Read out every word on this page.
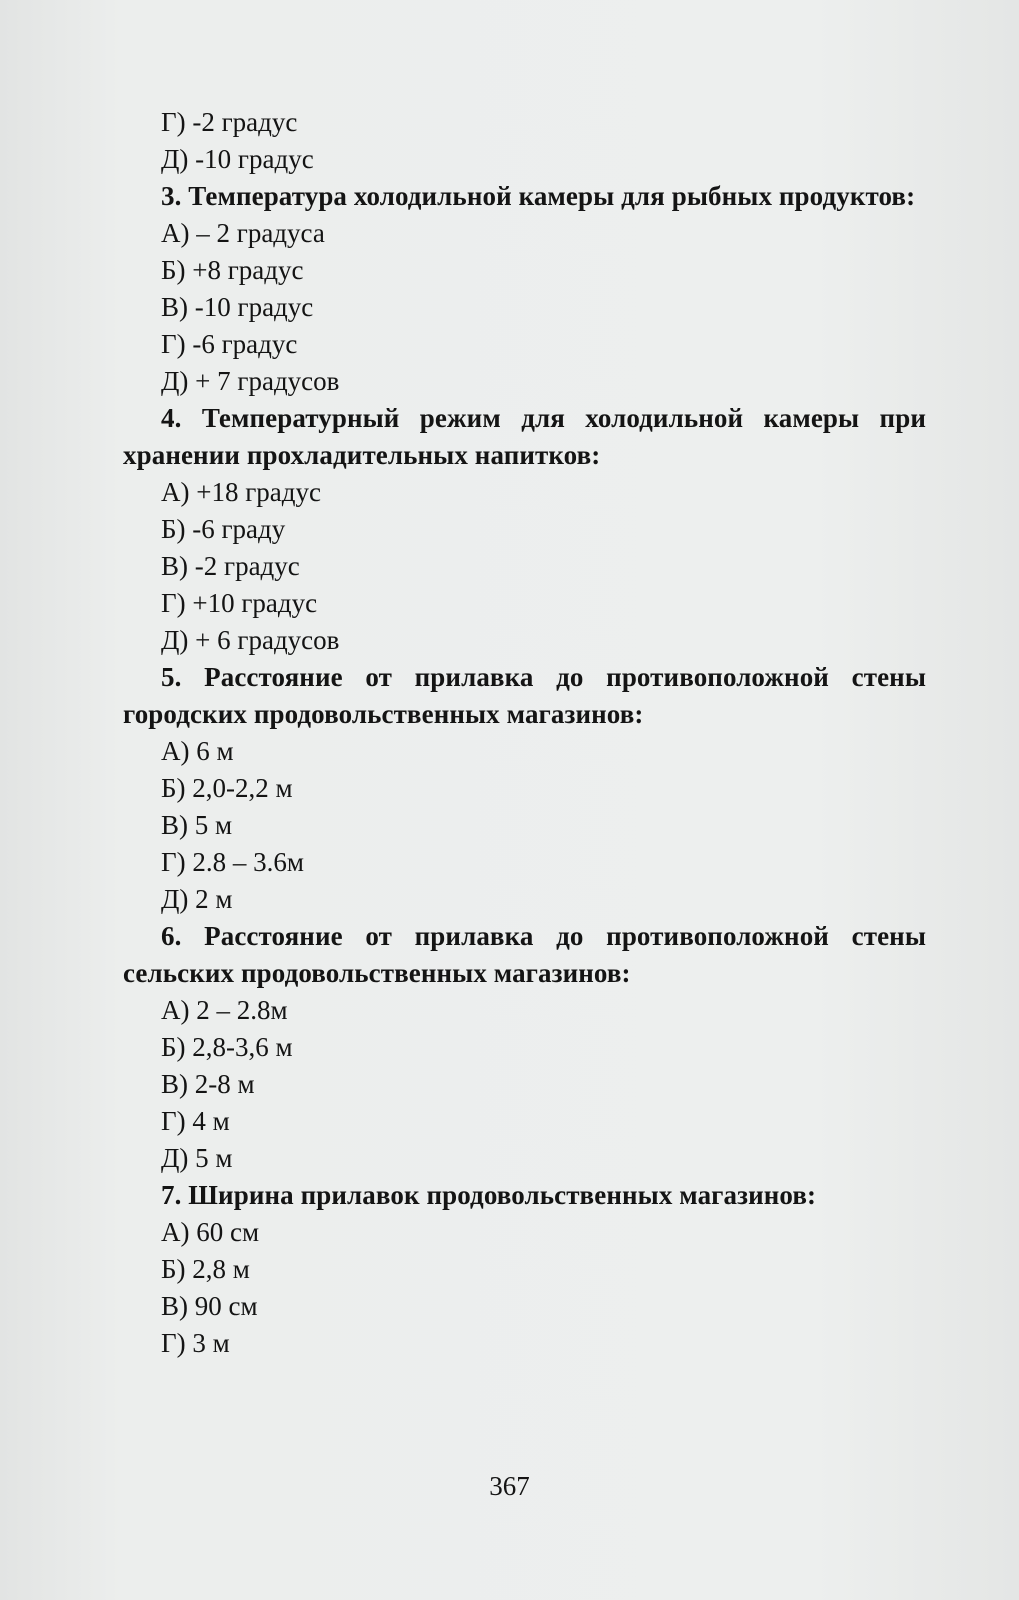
Г) -2 градус
Д) -10 градус
3. Температура холодильной камеры для рыбных продуктов:
А) – 2 градуса
Б) +8 градус
В) -10 градус
Г) -6 градус
Д) + 7 градусов
4. Температурный режим для холодильной камеры при хранении прохладительных напитков:
А) +18 градус
Б) -6 граду
В) -2 градус
Г) +10 градус
Д) + 6 градусов
5. Расстояние от прилавка до противоположной стены городских продовольственных магазинов:
А) 6 м
Б) 2,0-2,2 м
В) 5 м
Г) 2.8 – 3.6м
Д) 2 м
6. Расстояние от прилавка до противоположной стены сельских продовольственных магазинов:
А) 2 – 2.8м
Б) 2,8-3,6 м
В) 2-8 м
Г) 4 м
Д) 5 м
7. Ширина прилавок продовольственных магазинов:
А) 60 см
Б) 2,8 м
В) 90 см
Г) 3 м
367
